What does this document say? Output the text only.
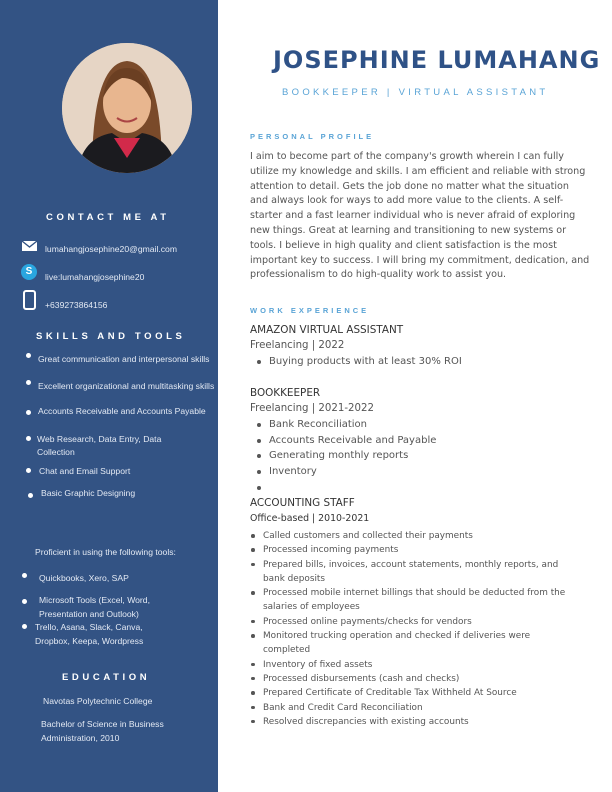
CONTACT ME AT
lumahangjosephine20@gmail.com
S	live:lumahangjosephine20
+639273864156
SKILLS AND TOOLS
Great communication and interpersonal skills
Excellent organizational and multitasking skills
Accounts Receivable and Accounts Payable
Web Research, Data Entry, Data Collection
Chat and Email Support
Basic Graphic Designing
Proficient in using the following tools:
Quickbooks, Xero, SAP
Microsoft Tools (Excel, Word, Presentation and Outlook)
Trello, Asana, Slack, Canva, Dropbox, Keepa, Wordpress
EDUCATION
Navotas Polytechnic College
Bachelor of Science in Business Administration, 2010
JOSEPHINE LUMAHANG
BOOKKEEPER | VIRTUAL ASSISTANT
PERSONAL PROFILE
I aim to become part of the company's growth wherein I can fully utilize my knowledge and skills. I am efficient and reliable with strong attention to detail. Gets the job done no matter what the situation and always look for ways to add more value to the clients. A self-starter and a fast learner individual who is never afraid of exploring new things. Great at learning and transitioning to new systems or tools. I believe in high quality and client satisfaction is the most important key to success. I will bring my commitment, dedication, and professionalism to do high-quality work to assist you.
WORK EXPERIENCE
AMAZON VIRTUAL ASSISTANT
Freelancing | 2022
Buying products with at least 30% ROI
BOOKKEEPER
Freelancing | 2021-2022
Bank Reconciliation
Accounts Receivable and Payable
Generating monthly reports
Inventory
ACCOUNTING STAFF
Office-based | 2010-2021
Called customers and collected their payments
Processed incoming payments
Prepared bills, invoices, account statements, monthly reports, and bank deposits
Processed mobile internet billings that should be deducted from the salaries of employees
Processed online payments/checks for vendors
Monitored trucking operation and checked if deliveries were completed
Inventory of fixed assets
Processed disbursements (cash and checks)
Prepared Certificate of Creditable Tax Withheld At Source
Bank and Credit Card Reconciliation
Resolved discrepancies with existing accounts
